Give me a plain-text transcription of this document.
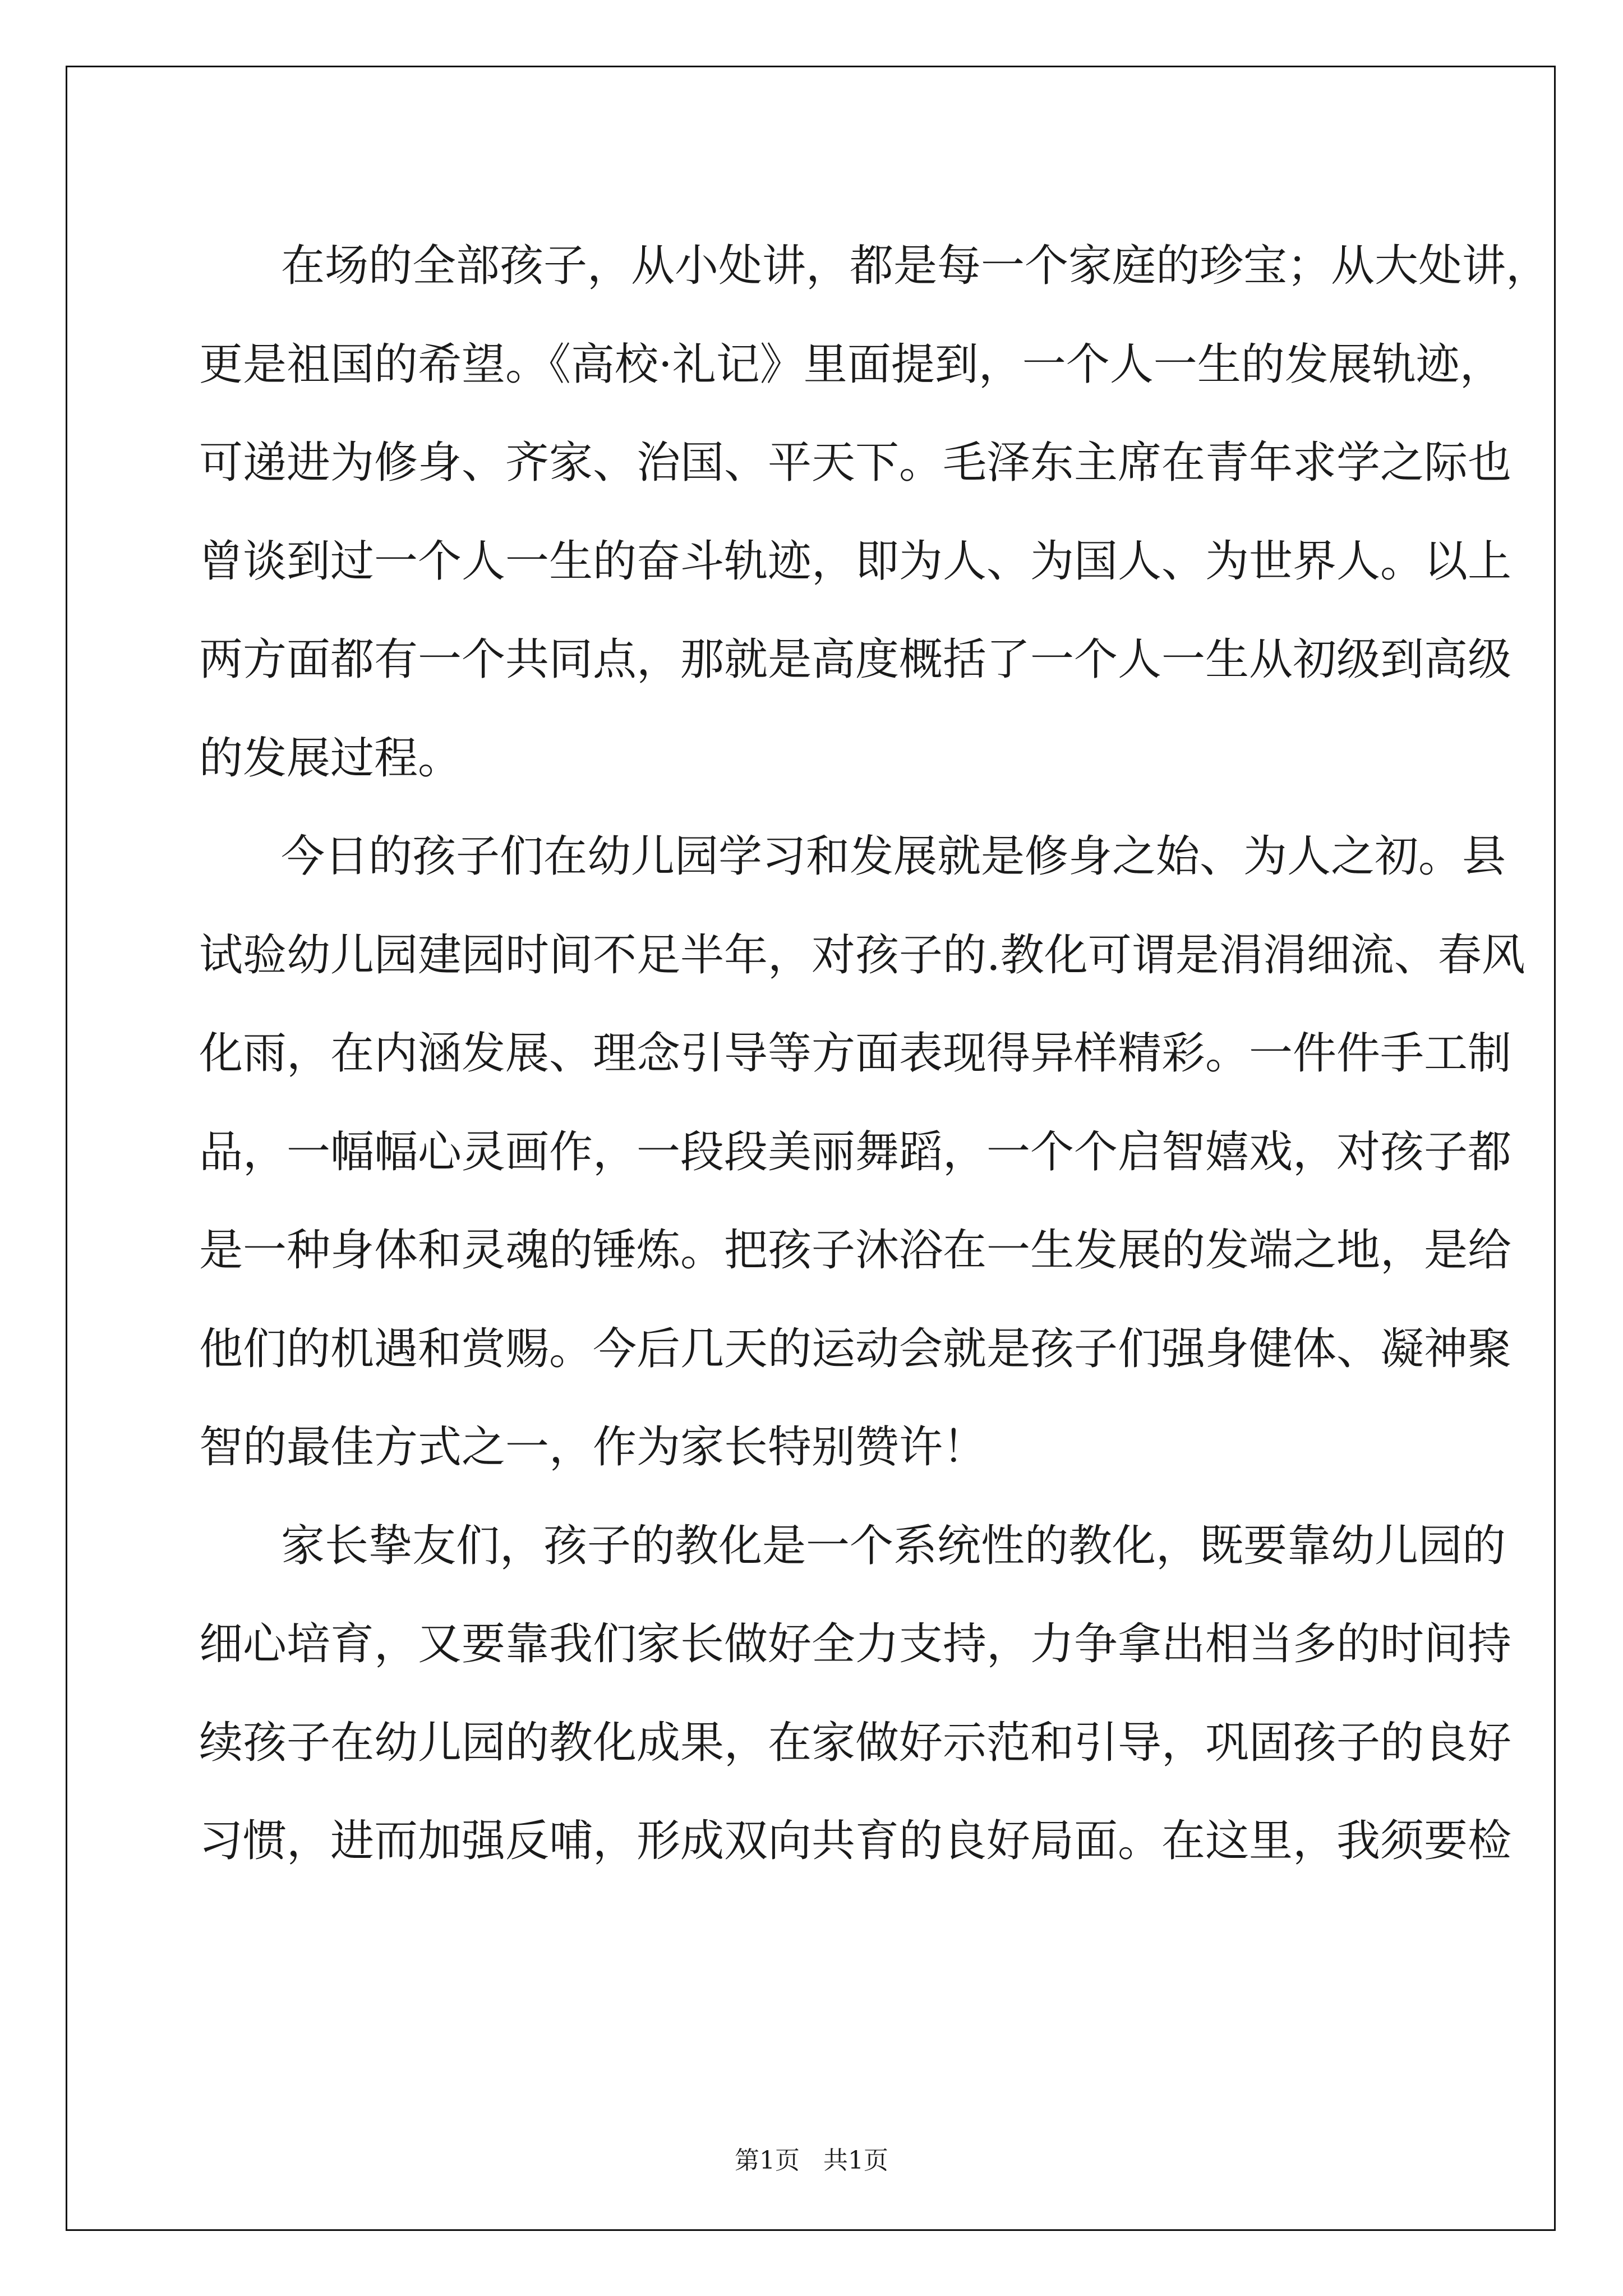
在场的全部孩子，从小处讲，都是每一个家庭的珍宝；从大处讲，
更是祖国的希望。《高校·礼记》里面提到，一个人一生的发展轨迹，
可递进为修身、齐家、治国、平天下。毛泽东主席在青年求学之际也
曾谈到过一个人一生的奋斗轨迹，即为人、为国人、为世界人。以上
两方面都有一个共同点，那就是高度概括了一个人一生从初级到高级
的发展过程。
今日的孩子们在幼儿园学习和发展就是修身之始、为人之初。县
试验幼儿园建园时间不足半年，对孩子的.教化可谓是涓涓细流、春风
化雨，在内涵发展、理念引导等方面表现得异样精彩。一件件手工制
品，一幅幅心灵画作，一段段美丽舞蹈，一个个启智嬉戏，对孩子都
是一种身体和灵魂的锤炼。把孩子沐浴在一生发展的发端之地，是给
他们的机遇和赏赐。今后几天的运动会就是孩子们强身健体、凝神聚
智的最佳方式之一，作为家长特别赞许！
家长挚友们，孩子的教化是一个系统性的教化，既要靠幼儿园的
细心培育，又要靠我们家长做好全力支持，力争拿出相当多的时间持
续孩子在幼儿园的教化成果，在家做好示范和引导，巩固孩子的良好
习惯，进而加强反哺，形成双向共育的良好局面。在这里，我须要检
第1页   共1页
